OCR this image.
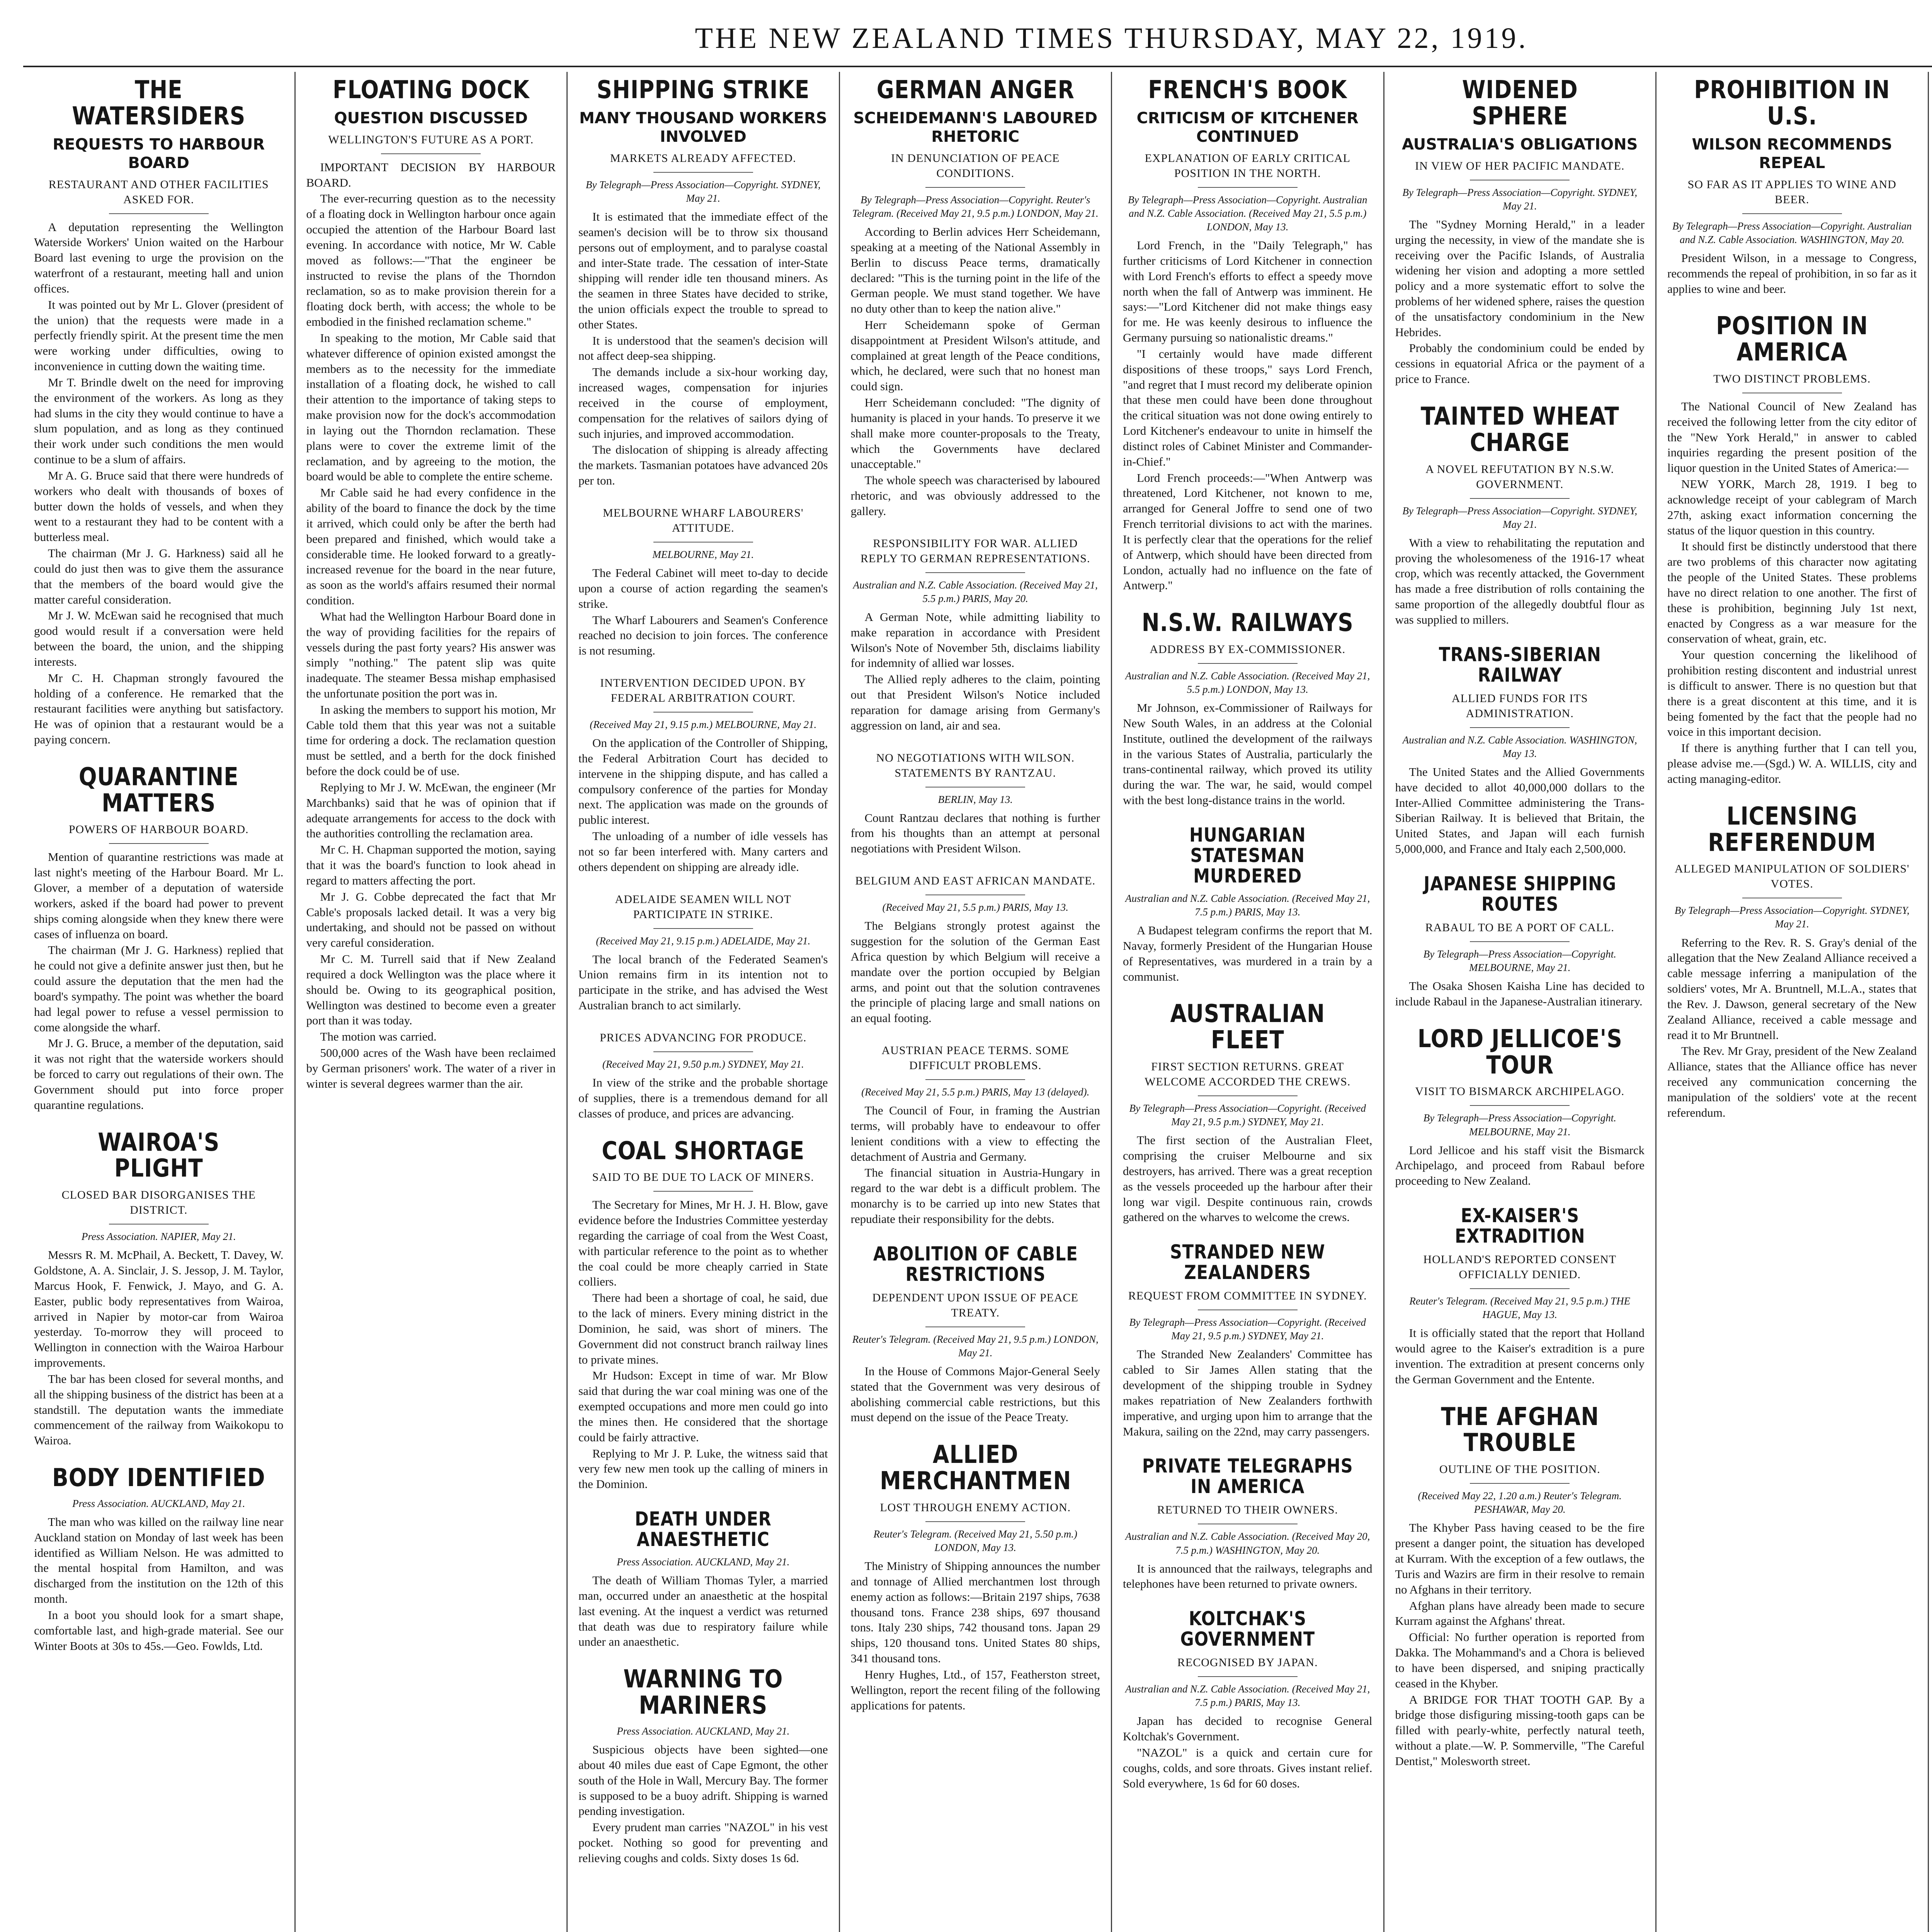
THE NEW ZEALAND TIMES THURSDAY, MAY 22, 1919.
THE WATERSIDERS
REQUESTS TO HARBOUR BOARD
RESTAURANT AND OTHER FACILITIES ASKED FOR.

A deputation representing the Wellington Waterside Workers' Union waited on the Harbour Board last evening to urge the provision on the waterfront of a restaurant, meeting hall and union offices.

It was pointed out by Mr L. Glover (president of the union) that the requests were made in a perfectly friendly spirit. At the present time the men were working under difficulties, owing to inconvenience in cutting down the waiting time.

Mr T. Brindle dwelt on the need for improving the environment of the workers. As long as they had slums in the city they would continue to have a slum population, and as long as they continued their work under such conditions the men would continue to be a slum of affairs.

Mr A. G. Bruce said that there were hundreds of workers who dealt with thousands of boxes of butter down the holds of vessels, and when they went to a restaurant they had to be content with a butterless meal.

The chairman (Mr J. G. Harkness) said all he could do just then was to give them the assurance that the members of the board would give the matter careful consideration.

Mr J. W. McEwan said he recognised that much good would result if a conversation were held between the board, the union, and the shipping interests.

Mr C. H. Chapman strongly favoured the holding of a conference. He remarked that the restaurant facilities were anything but satisfactory. He was of opinion that a restaurant would be a paying concern.

QUARANTINE MATTERS
POWERS OF HARBOUR BOARD.

Mention of quarantine restrictions was made at last night's meeting of the Harbour Board. Mr L. Glover, a member of a deputation of waterside workers, asked if the board had power to prevent ships coming alongside when they knew there were cases of influenza on board.

The chairman (Mr J. G. Harkness) replied that he could not give a definite answer just then, but he could assure the deputation that the men had the board's sympathy. The point was whether the board had legal power to refuse a vessel permission to come alongside the wharf.

Mr J. G. Bruce, a member of the deputation, said it was not right that the waterside workers should be forced to carry out regulations of their own. The Government should put into force proper quarantine regulations.

WAIROA'S PLIGHT
CLOSED BAR DISORGANISES THE DISTRICT.
Press Association. NAPIER, May 21.

Messrs R. M. McPhail, A. Beckett, T. Davey, W. Goldstone, A. A. Sinclair, J. S. Jessop, J. M. Taylor, Marcus Hook, F. Fenwick, J. Mayo, and G. A. Easter, public body representatives from Wairoa, arrived in Napier by motor-car from Wairoa yesterday. To-morrow they will proceed to Wellington in connection with the Wairoa Harbour improvements.

The bar has been closed for several months, and all the shipping business of the district has been at a standstill. The deputation wants the immediate commencement of the railway from Waikokopu to Wairoa.

BODY IDENTIFIED
Press Association. AUCKLAND, May 21.

The man who was killed on the railway line near Auckland station on Monday of last week has been identified as William Nelson. He was admitted to the mental hospital from Hamilton, and was discharged from the institution on the 12th of this month.

In a boot you should look for a smart shape, comfortable last, and high-grade material. See our Winter Boots at 30s to 45s.—Geo. Fowlds, Ltd.

FLOATING DOCK
QUESTION DISCUSSED
WELLINGTON'S FUTURE AS A PORT.

IMPORTANT DECISION BY HARBOUR BOARD.

The ever-recurring question as to the necessity of a floating dock in Wellington harbour once again occupied the attention of the Harbour Board last evening. In accordance with notice, Mr W. Cable moved as follows:—"That the engineer be instructed to revise the plans of the Thorndon reclamation, so as to make provision therein for a floating dock berth, with access; the whole to be embodied in the finished reclamation scheme."

In speaking to the motion, Mr Cable said that whatever difference of opinion existed amongst the members as to the necessity for the immediate installation of a floating dock, he wished to call their attention to the importance of taking steps to make provision now for the dock's accommodation in laying out the Thorndon reclamation. These plans were to cover the extreme limit of the reclamation, and by agreeing to the motion, the board would be able to complete the entire scheme.

Mr Cable said he had every confidence in the ability of the board to finance the dock by the time it arrived, which could only be after the berth had been prepared and finished, which would take a considerable time. He looked forward to a greatly-increased revenue for the board in the near future, as soon as the world's affairs resumed their normal condition.

What had the Wellington Harbour Board done in the way of providing facilities for the repairs of vessels during the past forty years? His answer was simply "nothing." The patent slip was quite inadequate. The steamer Bessa mishap emphasised the unfortunate position the port was in.

In asking the members to support his motion, Mr Cable told them that this year was not a suitable time for ordering a dock. The reclamation question must be settled, and a berth for the dock finished before the dock could be of use.

Replying to Mr J. W. McEwan, the engineer (Mr Marchbanks) said that he was of opinion that if adequate arrangements for access to the dock with the authorities controlling the reclamation area.

Mr C. H. Chapman supported the motion, saying that it was the board's function to look ahead in regard to matters affecting the port.

Mr J. G. Cobbe deprecated the fact that Mr Cable's proposals lacked detail. It was a very big undertaking, and should not be passed on without very careful consideration.

Mr C. M. Turrell said that if New Zealand required a dock Wellington was the place where it should be. Owing to its geographical position, Wellington was destined to become even a greater port than it was today.

The motion was carried.

500,000 acres of the Wash have been reclaimed by German prisoners' work. The water of a river in winter is several degrees warmer than the air.

SHIPPING STRIKE
MANY THOUSAND WORKERS INVOLVED
MARKETS ALREADY AFFECTED.
By Telegraph—Press Association—Copyright. SYDNEY, May 21.

It is estimated that the immediate effect of the seamen's decision will be to throw six thousand persons out of employment, and to paralyse coastal and inter-State trade. The cessation of inter-State shipping will render idle ten thousand miners. As the seamen in three States have decided to strike, the union officials expect the trouble to spread to other States.

It is understood that the seamen's decision will not affect deep-sea shipping.

The demands include a six-hour working day, increased wages, compensation for injuries received in the course of employment, compensation for the relatives of sailors dying of such injuries, and improved accommodation.

The dislocation of shipping is already affecting the markets. Tasmanian potatoes have advanced 20s per ton.

MELBOURNE WHARF LABOURERS' ATTITUDE.
MELBOURNE, May 21.

The Federal Cabinet will meet to-day to decide upon a course of action regarding the seamen's strike.

The Wharf Labourers and Seamen's Conference reached no decision to join forces. The conference is not resuming.

INTERVENTION DECIDED UPON. BY FEDERAL ARBITRATION COURT.
(Received May 21, 9.15 p.m.) MELBOURNE, May 21.

On the application of the Controller of Shipping, the Federal Arbitration Court has decided to intervene in the shipping dispute, and has called a compulsory conference of the parties for Monday next. The application was made on the grounds of public interest.

The unloading of a number of idle vessels has not so far been interfered with. Many carters and others dependent on shipping are already idle.

ADELAIDE SEAMEN WILL NOT PARTICIPATE IN STRIKE.
(Received May 21, 9.15 p.m.) ADELAIDE, May 21.

The local branch of the Federated Seamen's Union remains firm in its intention not to participate in the strike, and has advised the West Australian branch to act similarly.

PRICES ADVANCING FOR PRODUCE.
(Received May 21, 9.50 p.m.) SYDNEY, May 21.

In view of the strike and the probable shortage of supplies, there is a tremendous demand for all classes of produce, and prices are advancing.

COAL SHORTAGE
SAID TO BE DUE TO LACK OF MINERS.

The Secretary for Mines, Mr H. J. H. Blow, gave evidence before the Industries Committee yesterday regarding the carriage of coal from the West Coast, with particular reference to the point as to whether the coal could be more cheaply carried in State colliers.

There had been a shortage of coal, he said, due to the lack of miners. Every mining district in the Dominion, he said, was short of miners. The Government did not construct branch railway lines to private mines.

Mr Hudson: Except in time of war. Mr Blow said that during the war coal mining was one of the exempted occupations and more men could go into the mines then. He considered that the shortage could be fairly attractive.

Replying to Mr J. P. Luke, the witness said that very few new men took up the calling of miners in the Dominion.

DEATH UNDER ANAESTHETIC
Press Association. AUCKLAND, May 21.

The death of William Thomas Tyler, a married man, occurred under an anaesthetic at the hospital last evening. At the inquest a verdict was returned that death was due to respiratory failure while under an anaesthetic.

WARNING TO MARINERS
Press Association. AUCKLAND, May 21.

Suspicious objects have been sighted—one about 40 miles due east of Cape Egmont, the other south of the Hole in Wall, Mercury Bay. The former is supposed to be a buoy adrift. Shipping is warned pending investigation.

Every prudent man carries "NAZOL" in his vest pocket. Nothing so good for preventing and relieving coughs and colds. Sixty doses 1s 6d.

GERMAN ANGER
SCHEIDEMANN'S LABOURED RHETORIC
IN DENUNCIATION OF PEACE CONDITIONS.
By Telegraph—Press Association—Copyright. Reuter's Telegram. (Received May 21, 9.5 p.m.) LONDON, May 21.

According to Berlin advices Herr Scheidemann, speaking at a meeting of the National Assembly in Berlin to discuss Peace terms, dramatically declared: "This is the turning point in the life of the German people. We must stand together. We have no duty other than to keep the nation alive."

Herr Scheidemann spoke of German disappointment at President Wilson's attitude, and complained at great length of the Peace conditions, which, he declared, were such that no honest man could sign.

Herr Scheidemann concluded: "The dignity of humanity is placed in your hands. To preserve it we shall make more counter-proposals to the Treaty, which the Governments have declared unacceptable."

The whole speech was characterised by laboured rhetoric, and was obviously addressed to the gallery.

RESPONSIBILITY FOR WAR. ALLIED REPLY TO GERMAN REPRESENTATIONS.
Australian and N.Z. Cable Association. (Received May 21, 5.5 p.m.) PARIS, May 20.

A German Note, while admitting liability to make reparation in accordance with President Wilson's Note of November 5th, disclaims liability for indemnity of allied war losses.

The Allied reply adheres to the claim, pointing out that President Wilson's Notice included reparation for damage arising from Germany's aggression on land, air and sea.

NO NEGOTIATIONS WITH WILSON. STATEMENTS BY RANTZAU.
BERLIN, May 13.

Count Rantzau declares that nothing is further from his thoughts than an attempt at personal negotiations with President Wilson.

BELGIUM AND EAST AFRICAN MANDATE.
(Received May 21, 5.5 p.m.) PARIS, May 13.

The Belgians strongly protest against the suggestion for the solution of the German East Africa question by which Belgium will receive a mandate over the portion occupied by Belgian arms, and point out that the solution contravenes the principle of placing large and small nations on an equal footing.

AUSTRIAN PEACE TERMS. SOME DIFFICULT PROBLEMS.
(Received May 21, 5.5 p.m.) PARIS, May 13 (delayed).

The Council of Four, in framing the Austrian terms, will probably have to endeavour to offer lenient conditions with a view to effecting the detachment of Austria and Germany.

The financial situation in Austria-Hungary in regard to the war debt is a difficult problem. The monarchy is to be carried up into new States that repudiate their responsibility for the debts.

ABOLITION OF CABLE RESTRICTIONS
DEPENDENT UPON ISSUE OF PEACE TREATY.
Reuter's Telegram. (Received May 21, 9.5 p.m.) LONDON, May 21.

In the House of Commons Major-General Seely stated that the Government was very desirous of abolishing commercial cable restrictions, but this must depend on the issue of the Peace Treaty.

ALLIED MERCHANTMEN
LOST THROUGH ENEMY ACTION.
Reuter's Telegram. (Received May 21, 5.50 p.m.) LONDON, May 13.

The Ministry of Shipping announces the number and tonnage of Allied merchantmen lost through enemy action as follows:—Britain 2197 ships, 7638 thousand tons. France 238 ships, 697 thousand tons. Italy 230 ships, 742 thousand tons. Japan 29 ships, 120 thousand tons. United States 80 ships, 341 thousand tons.

Henry Hughes, Ltd., of 157, Featherston street, Wellington, report the recent filing of the following applications for patents.

FRENCH'S BOOK
CRITICISM OF KITCHENER CONTINUED
EXPLANATION OF EARLY CRITICAL POSITION IN THE NORTH.
By Telegraph—Press Association—Copyright. Australian and N.Z. Cable Association. (Received May 21, 5.5 p.m.) LONDON, May 13.

Lord French, in the "Daily Telegraph," has further criticisms of Lord Kitchener in connection with Lord French's efforts to effect a speedy move north when the fall of Antwerp was imminent. He says:—"Lord Kitchener did not make things easy for me. He was keenly desirous to influence the Germany pursuing so nationalistic dreams."

"I certainly would have made different dispositions of these troops," says Lord French, "and regret that I must record my deliberate opinion that these men could have been done throughout the critical situation was not done owing entirely to Lord Kitchener's endeavour to unite in himself the distinct roles of Cabinet Minister and Commander-in-Chief."

Lord French proceeds:—"When Antwerp was threatened, Lord Kitchener, not known to me, arranged for General Joffre to send one of two French territorial divisions to act with the marines. It is perfectly clear that the operations for the relief of Antwerp, which should have been directed from London, actually had no influence on the fate of Antwerp."

N.S.W. RAILWAYS
ADDRESS BY EX-COMMISSIONER.
Australian and N.Z. Cable Association. (Received May 21, 5.5 p.m.) LONDON, May 13.

Mr Johnson, ex-Commissioner of Railways for New South Wales, in an address at the Colonial Institute, outlined the development of the railways in the various States of Australia, particularly the trans-continental railway, which proved its utility during the war. The war, he said, would compel with the best long-distance trains in the world.

HUNGARIAN STATESMAN MURDERED
Australian and N.Z. Cable Association. (Received May 21, 7.5 p.m.) PARIS, May 13.

A Budapest telegram confirms the report that M. Navay, formerly President of the Hungarian House of Representatives, was murdered in a train by a communist.

AUSTRALIAN FLEET
FIRST SECTION RETURNS. GREAT WELCOME ACCORDED THE CREWS.
By Telegraph—Press Association—Copyright. (Received May 21, 9.5 p.m.) SYDNEY, May 21.

The first section of the Australian Fleet, comprising the cruiser Melbourne and six destroyers, has arrived. There was a great reception as the vessels proceeded up the harbour after their long war vigil. Despite continuous rain, crowds gathered on the wharves to welcome the crews.

STRANDED NEW ZEALANDERS
REQUEST FROM COMMITTEE IN SYDNEY.
By Telegraph—Press Association—Copyright. (Received May 21, 9.5 p.m.) SYDNEY, May 21.

The Stranded New Zealanders' Committee has cabled to Sir James Allen stating that the development of the shipping trouble in Sydney makes repatriation of New Zealanders forthwith imperative, and urging upon him to arrange that the Makura, sailing on the 22nd, may carry passengers.

PRIVATE TELEGRAPHS IN AMERICA
RETURNED TO THEIR OWNERS.
Australian and N.Z. Cable Association. (Received May 20, 7.5 p.m.) WASHINGTON, May 20.

It is announced that the railways, telegraphs and telephones have been returned to private owners.

KOLTCHAK'S GOVERNMENT
RECOGNISED BY JAPAN.
Australian and N.Z. Cable Association. (Received May 21, 7.5 p.m.) PARIS, May 13.

Japan has decided to recognise General Koltchak's Government.

"NAZOL" is a quick and certain cure for coughs, colds, and sore throats. Gives instant relief. Sold everywhere, 1s 6d for 60 doses.

WIDENED SPHERE
AUSTRALIA'S OBLIGATIONS
IN VIEW OF HER PACIFIC MANDATE.
By Telegraph—Press Association—Copyright. SYDNEY, May 21.

The "Sydney Morning Herald," in a leader urging the necessity, in view of the mandate she is receiving over the Pacific Islands, of Australia widening her vision and adopting a more settled policy and a more systematic effort to solve the problems of her widened sphere, raises the question of the unsatisfactory condominium in the New Hebrides.

Probably the condominium could be ended by cessions in equatorial Africa or the payment of a price to France.

TAINTED WHEAT CHARGE
A NOVEL REFUTATION BY N.S.W. GOVERNMENT.
By Telegraph—Press Association—Copyright. SYDNEY, May 21.

With a view to rehabilitating the reputation and proving the wholesomeness of the 1916-17 wheat crop, which was recently attacked, the Government has made a free distribution of rolls containing the same proportion of the allegedly doubtful flour as was supplied to millers.

TRANS-SIBERIAN RAILWAY
ALLIED FUNDS FOR ITS ADMINISTRATION.
Australian and N.Z. Cable Association. WASHINGTON, May 13.

The United States and the Allied Governments have decided to allot 40,000,000 dollars to the Inter-Allied Committee administering the Trans-Siberian Railway. It is believed that Britain, the United States, and Japan will each furnish 5,000,000, and France and Italy each 2,500,000.

JAPANESE SHIPPING ROUTES
RABAUL TO BE A PORT OF CALL.
By Telegraph—Press Association—Copyright. MELBOURNE, May 21.

The Osaka Shosen Kaisha Line has decided to include Rabaul in the Japanese-Australian itinerary.

LORD JELLICOE'S TOUR
VISIT TO BISMARCK ARCHIPELAGO.
By Telegraph—Press Association—Copyright. MELBOURNE, May 21.

Lord Jellicoe and his staff visit the Bismarck Archipelago, and proceed from Rabaul before proceeding to New Zealand.

EX-KAISER'S EXTRADITION
HOLLAND'S REPORTED CONSENT OFFICIALLY DENIED.
Reuter's Telegram. (Received May 21, 9.5 p.m.) THE HAGUE, May 13.

It is officially stated that the report that Holland would agree to the Kaiser's extradition is a pure invention. The extradition at present concerns only the German Government and the Entente.

THE AFGHAN TROUBLE
OUTLINE OF THE POSITION.
(Received May 22, 1.20 a.m.) Reuter's Telegram. PESHAWAR, May 20.

The Khyber Pass having ceased to be the fire present a danger point, the situation has developed at Kurram. With the exception of a few outlaws, the Turis and Wazirs are firm in their resolve to remain no Afghans in their territory.

Afghan plans have already been made to secure Kurram against the Afghans' threat.

Official: No further operation is reported from Dakka. The Mohammand's and a Chora is believed to have been dispersed, and sniping practically ceased in the Khyber.

A BRIDGE FOR THAT TOOTH GAP. By a bridge those disfiguring missing-tooth gaps can be filled with pearly-white, perfectly natural teeth, without a plate.—W. P. Sommerville, "The Careful Dentist," Molesworth street.

PROHIBITION IN U.S.
WILSON RECOMMENDS REPEAL
SO FAR AS IT APPLIES TO WINE AND BEER.
By Telegraph—Press Association—Copyright. Australian and N.Z. Cable Association. WASHINGTON, May 20.

President Wilson, in a message to Congress, recommends the repeal of prohibition, in so far as it applies to wine and beer.

POSITION IN AMERICA
TWO DISTINCT PROBLEMS.

The National Council of New Zealand has received the following letter from the city editor of the "New York Herald," in answer to cabled inquiries regarding the present position of the liquor question in the United States of America:—

NEW YORK, March 28, 1919. I beg to acknowledge receipt of your cablegram of March 27th, asking exact information concerning the status of the liquor question in this country.

It should first be distinctly understood that there are two problems of this character now agitating the people of the United States. These problems have no direct relation to one another. The first of these is prohibition, beginning July 1st next, enacted by Congress as a war measure for the conservation of wheat, grain, etc.

Your question concerning the likelihood of prohibition resting discontent and industrial unrest is difficult to answer. There is no question but that there is a great discontent at this time, and it is being fomented by the fact that the people had no voice in this important decision.

If there is anything further that I can tell you, please advise me.—(Sgd.) W. A. WILLIS, city and acting managing-editor.

LICENSING REFERENDUM
ALLEGED MANIPULATION OF SOLDIERS' VOTES.
By Telegraph—Press Association—Copyright. SYDNEY, May 21.

Referring to the Rev. R. S. Gray's denial of the allegation that the New Zealand Alliance received a cable message inferring a manipulation of the soldiers' votes, Mr A. Bruntnell, M.L.A., states that the Rev. J. Dawson, general secretary of the New Zealand Alliance, received a cable message and read it to Mr Bruntnell.

The Rev. Mr Gray, president of the New Zealand Alliance, states that the Alliance office has never received any communication concerning the manipulation of the soldiers' vote at the recent referendum.
